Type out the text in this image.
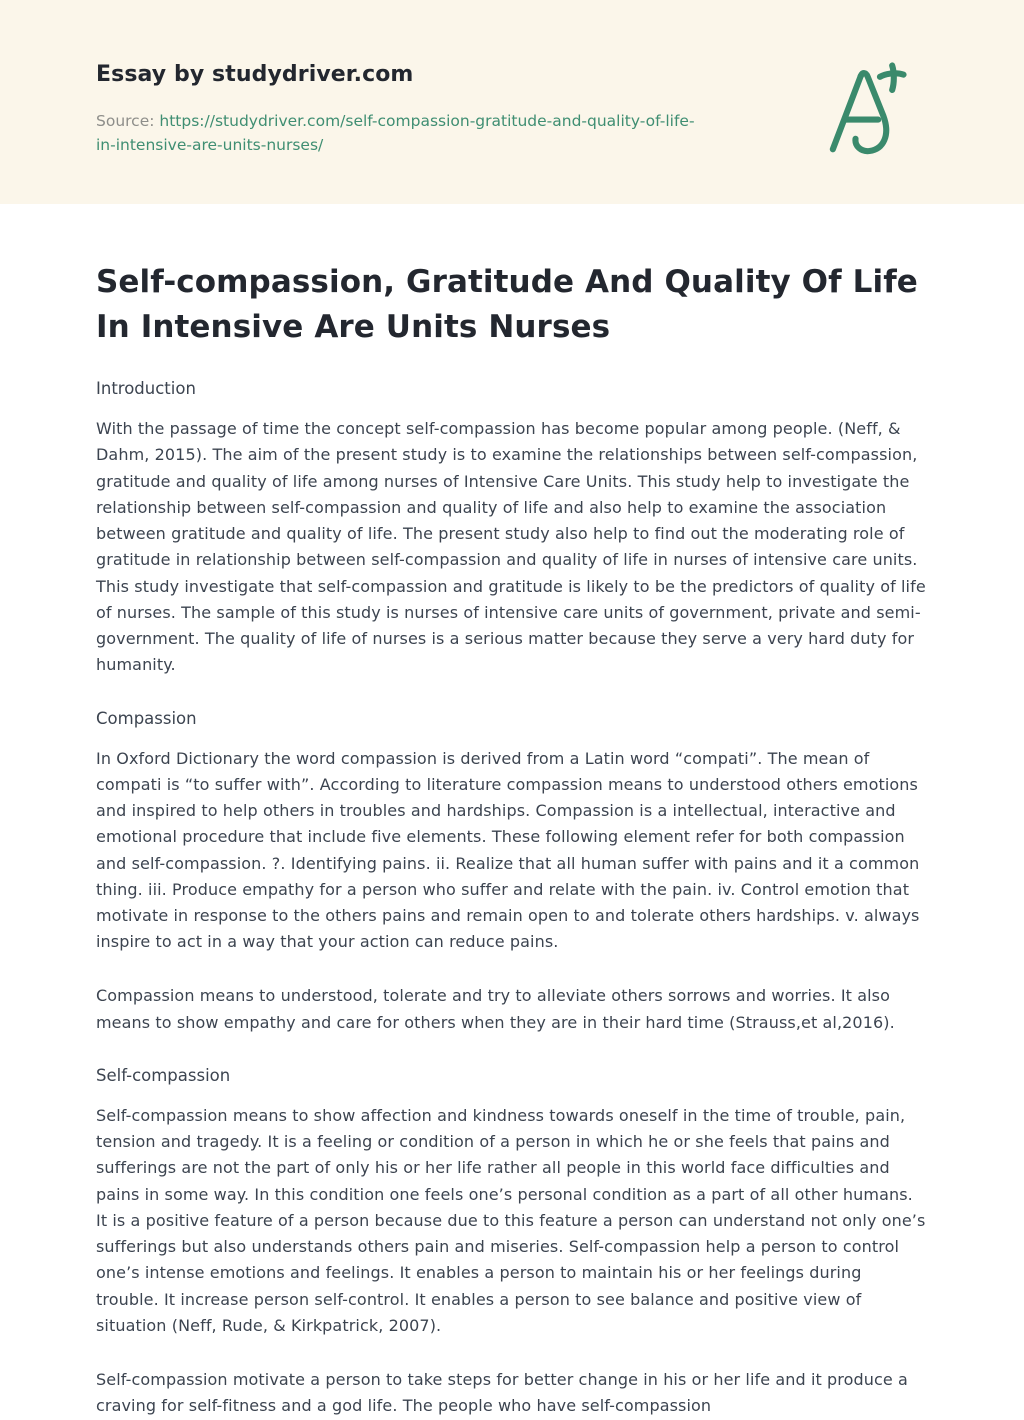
Essay by studydriver.com

Source: https://studydriver.com/self-compassion-gratitude-and-quality-of-life-in-intensive-are-units-nurses/

Self-compassion, Gratitude And Quality Of Life In Intensive Are Units Nurses
Introduction

With the passage of time the concept self-compassion has become popular among people. (Neff, & Dahm, 2015). The aim of the present study is to examine the relationships between self-compassion, gratitude and quality of life among nurses of Intensive Care Units. This study help to investigate the relationship between self-compassion and quality of life and also help to examine the association between gratitude and quality of life. The present study also help to find out the moderating role of gratitude in relationship between self-compassion and quality of life in nurses of intensive care units. This study investigate that self-compassion and gratitude is likely to be the predictors of quality of life of nurses. The sample of this study is nurses of intensive care units of government, private and semi-government. The quality of life of nurses is a serious matter because they serve a very hard duty for humanity.

Compassion

In Oxford Dictionary the word compassion is derived from a Latin word “compati”. The mean of compati is “to suffer with”. According to literature compassion means to understood others emotions and inspired to help others in troubles and hardships. Compassion is a intellectual, interactive and emotional procedure that include five elements. These following element refer for both compassion and self-compassion. ?. Identifying pains. ii. Realize that all human suffer with pains and it a common thing. iii. Produce empathy for a person who suffer and relate with the pain. iv. Control emotion that motivate in response to the others pains and remain open to and tolerate others hardships. v. always inspire to act in a way that your action can reduce pains.

Compassion means to understood, tolerate and try to alleviate others sorrows and worries. It also means to show empathy and care for others when they are in their hard time (Strauss,et al,2016).

Self-compassion

Self-compassion means to show affection and kindness towards oneself in the time of trouble, pain, tension and tragedy. It is a feeling or condition of a person in which he or she feels that pains and sufferings are not the part of only his or her life rather all people in this world face difficulties and pains in some way. In this condition one feels one’s personal condition as a part of all other humans. It is a positive feature of a person because due to this feature a person can understand not only one’s sufferings but also understands others pain and miseries. Self-compassion help a person to control one’s intense emotions and feelings. It enables a person to maintain his or her feelings during trouble. It increase person self-control. It enables a person to see balance and positive view of situation (Neff, Rude, & Kirkpatrick, 2007).

Self-compassion motivate a person to take steps for better change in his or her life and it produce a craving for self-fitness and a god life. The people who have self-compassion
